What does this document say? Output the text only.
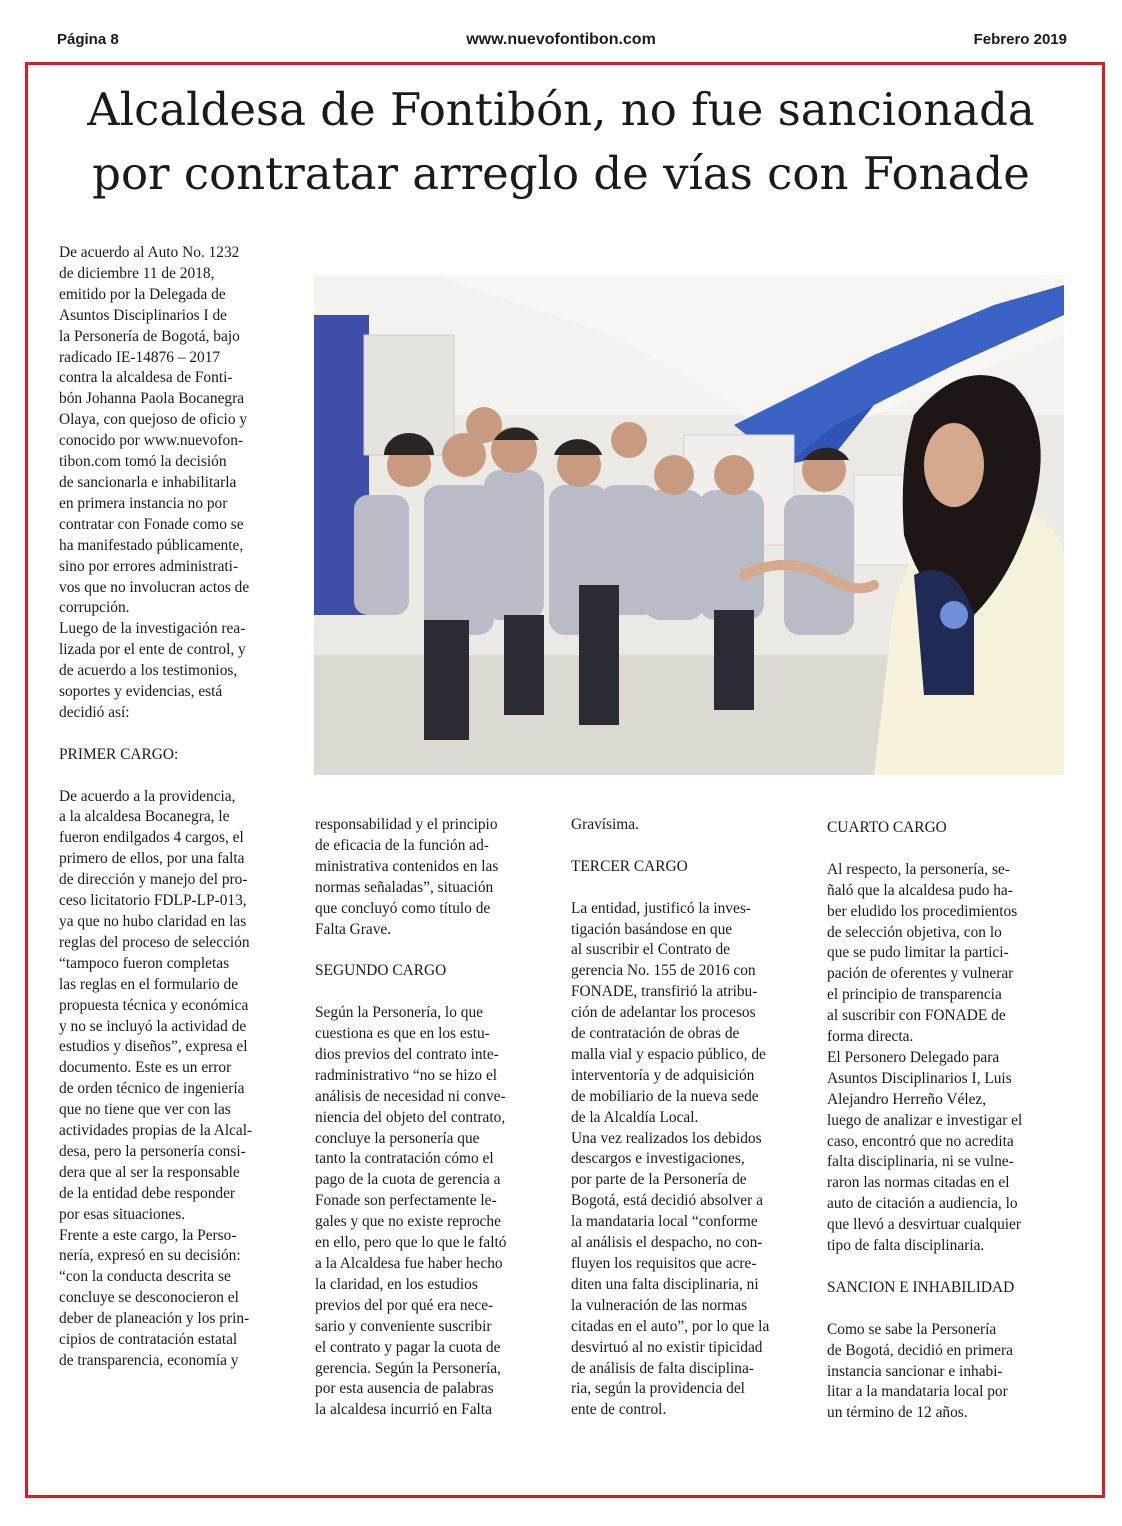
Página 8	www.nuevofontibon.com	Febrero 2019
Alcaldesa de Fontibón, no fue sancionada
por contratar arreglo de vías con Fonade

De acuerdo al Auto No. 1232

de diciembre 11 de 2018,

emitido por la Delegada de

Asuntos Disciplinarios I de

la Personería de Bogotá, bajo

radicado IE-14876 – 2017

contra la alcaldesa de Fonti-

bón Johanna Paola Bocanegra

Olaya, con quejoso de oficio y

conocido por www.nuevofon-

tibon.com tomó la decisión

de sancionarla e inhabilitarla

en primera instancia no por

contratar con Fonade como se

ha manifestado públicamente,

sino por errores administrati-

vos que no involucran actos de

corrupción.

Luego de la investigación rea-

lizada por el ente de control, y

de acuerdo a los testimonios,

soportes y evidencias, está

decidió así:

PRIMER CARGO:

De acuerdo a la providencia,

a la alcaldesa Bocanegra, le

fueron endilgados 4 cargos, el

primero de ellos, por una falta

de dirección y manejo del pro-

ceso licitatorio FDLP-LP-013,

ya que no hubo claridad en las

reglas del proceso de selección

“tampoco fueron completas

las reglas en el formulario de

propuesta técnica y económica

y no se incluyó la actividad de

estudios y diseños”, expresa el

documento. Este es un error

de orden técnico de ingeniería

que no tiene que ver con las

actividades propias de la Alcal-

desa, pero la personería consi-

dera que al ser la responsable

de la entidad debe responder

por esas situaciones.

Frente a este cargo, la Perso-

nería, expresó en su decisión:

“con la conducta descrita se

concluye se desconocieron el

deber de planeación y los prin-

cipios de contratación estatal

de transparencia, economía y

responsabilidad y el principio

de eficacia de la función ad-

ministrativa contenidos en las

normas señaladas”, situación

que concluyó como título de

Falta Grave.

SEGUNDO CARGO

Según la Personería, lo que

cuestiona es que en los estu-

dios previos del contrato inte-

radministrativo “no se hizo el

análisis de necesidad ni conve-

niencia del objeto del contrato,

concluye la personería que

tanto la contratación cómo el

pago de la cuota de gerencia a

Fonade son perfectamente le-

gales y que no existe reproche

en ello, pero que lo que le faltó

a la Alcaldesa fue haber hecho

la claridad, en los estudios

previos del por qué era nece-

sario y conveniente suscribir

el contrato y pagar la cuota de

gerencia. Según la Personería,

por esta ausencia de palabras

la alcaldesa incurrió en Falta

Gravísima.

TERCER CARGO

La entidad, justificó la inves-

tigación basándose en que

al suscribir el Contrato de

gerencia No. 155 de 2016 con

FONADE, transfirió la atribu-

ción de adelantar los procesos

de contratación de obras de

malla vial y espacio público, de

interventoría y de adquisición

de mobiliario de la nueva sede

de la Alcaldía Local.

Una vez realizados los debidos

descargos e investigaciones,

por parte de la Personería de

Bogotá, está decidió absolver a

la mandataria local “conforme

al análisis el despacho, no con-

fluyen los requisitos que acre-

diten una falta disciplinaria, ni

la vulneración de las normas

citadas en el auto”, por lo que la

desvirtuó al no existir tipicidad

de análisis de falta disciplina-

ria, según la providencia del

ente de control.

CUARTO CARGO

Al respecto, la personería, se-

ñaló que la alcaldesa pudo ha-

ber eludido los procedimientos

de selección objetiva, con lo

que se pudo limitar la partici-

pación de oferentes y vulnerar

el principio de transparencia

al suscribir con FONADE de

forma directa.

El Personero Delegado para

Asuntos Disciplinarios I, Luis

Alejandro Herreño Vélez,

luego de analizar e investigar el

caso, encontró que no acredita

falta disciplinaria, ni se vulne-

raron las normas citadas en el

auto de citación a audiencia, lo

que llevó a desvirtuar cualquier

tipo de falta disciplinaria.

SANCION E INHABILIDAD

Como se sabe la Personería

de Bogotá, decidió en primera

instancia sancionar e inhabi-

litar a la mandataria local por

un término de 12 años.
